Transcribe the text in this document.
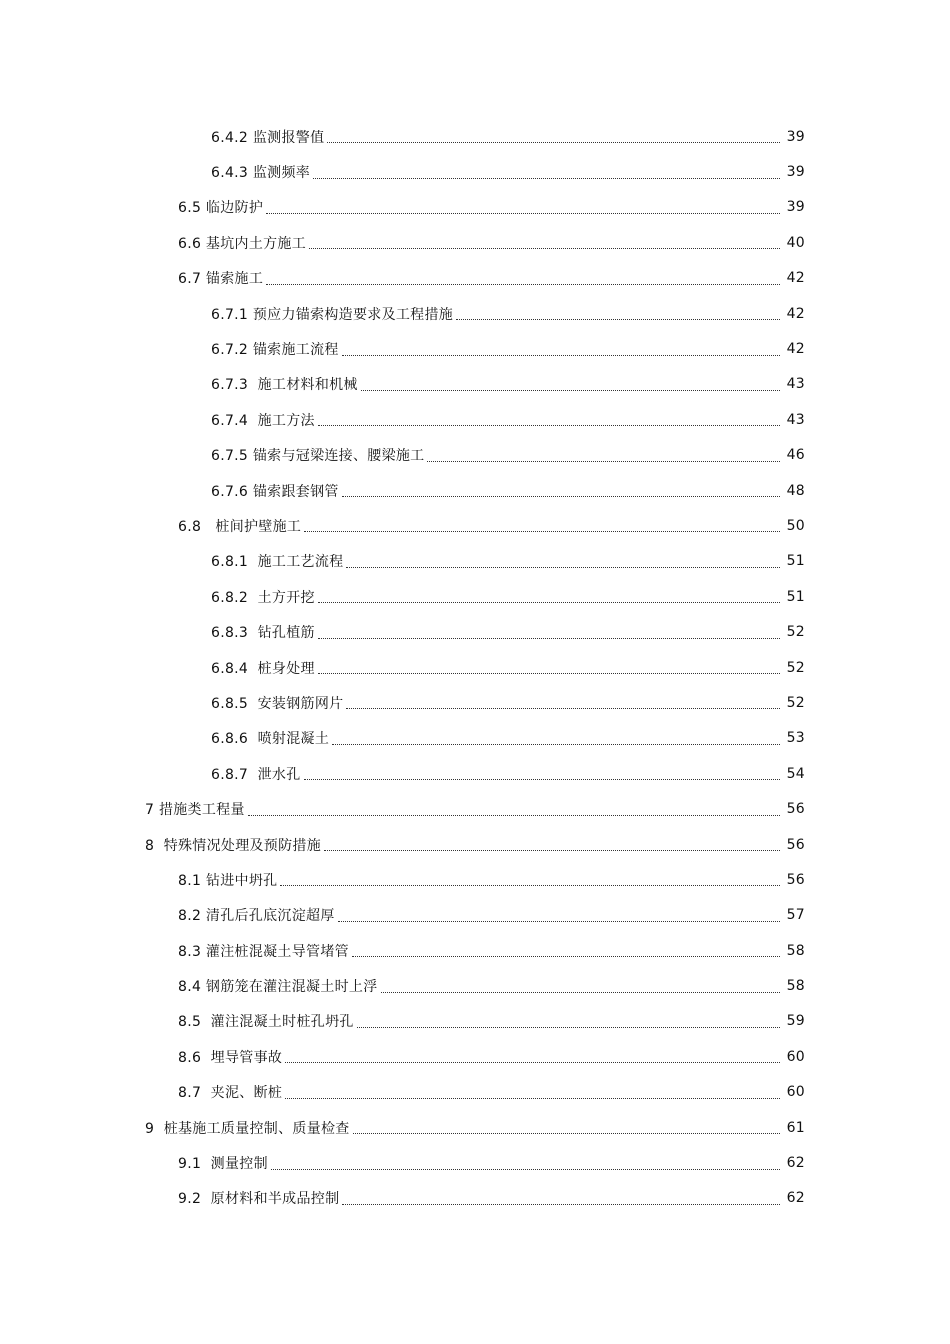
6.4.2 监测报警值	39
6.4.3 监测频率	39
6.5 临边防护	39
6.6 基坑内土方施工	40
6.7 锚索施工	42
6.7.1 预应力锚索构造要求及工程措施	42
6.7.2 锚索施工流程	42
6.7.3  施工材料和机械	43
6.7.4  施工方法	43
6.7.5 锚索与冠梁连接、腰梁施工	46
6.7.6 锚索跟套钢管	48
6.8   桩间护壁施工	50
6.8.1  施工工艺流程	51
6.8.2  土方开挖	51
6.8.3  钻孔植筋	52
6.8.4  桩身处理	52
6.8.5  安装钢筋网片	52
6.8.6  喷射混凝土	53
6.8.7  泄水孔	54
7 措施类工程量	56
8  特殊情况处理及预防措施	56
8.1 钻进中坍孔	56
8.2 清孔后孔底沉淀超厚	57
8.3 灌注桩混凝土导管堵管	58
8.4 钢筋笼在灌注混凝土时上浮	58
8.5  灌注混凝土时桩孔坍孔	59
8.6  埋导管事故	60
8.7  夹泥、断桩	60
9  桩基施工质量控制、质量检查	61
9.1  测量控制	62
9.2  原材料和半成品控制	62
